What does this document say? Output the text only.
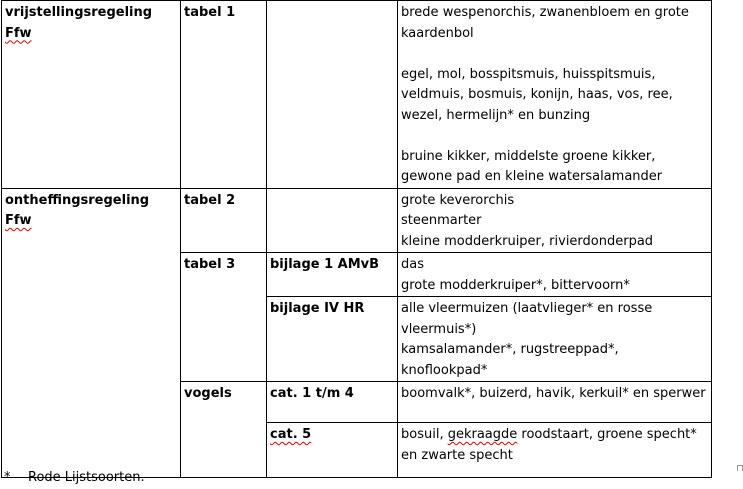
vrijstellingsregeling
Ffw	tabel 1		brede wespenorchis, zwanenbloem en grote kaardenbol
egel, mol, bosspitsmuis, huisspitsmuis, veldmuis, bosmuis, konijn, haas, vos, ree, wezel, hermelijn* en bunzing
bruine kikker, middelste groene kikker, gewone pad en kleine watersalamander
ontheffingsregeling
Ffw	tabel 2		grote keverorchis
steenmarter
kleine modderkruiper, rivierdonderpad
	tabel 3	bijlage 1 AMvB	das
grote modderkruiper*, bittervoorn*
		bijlage IV HR	alle vleermuizen (laatvlieger* en rosse vleermuis*)
kamsalamander*, rugstreeppad*, knoflookpad*
	vogels	cat. 1 t/m 4	boomvalk*, buizerd, havik, kerkuil* en sperwer
		cat. 5	bosuil, gekraagde roodstaart, groene specht* en zwarte specht
* Rode Lijstsoorten.
